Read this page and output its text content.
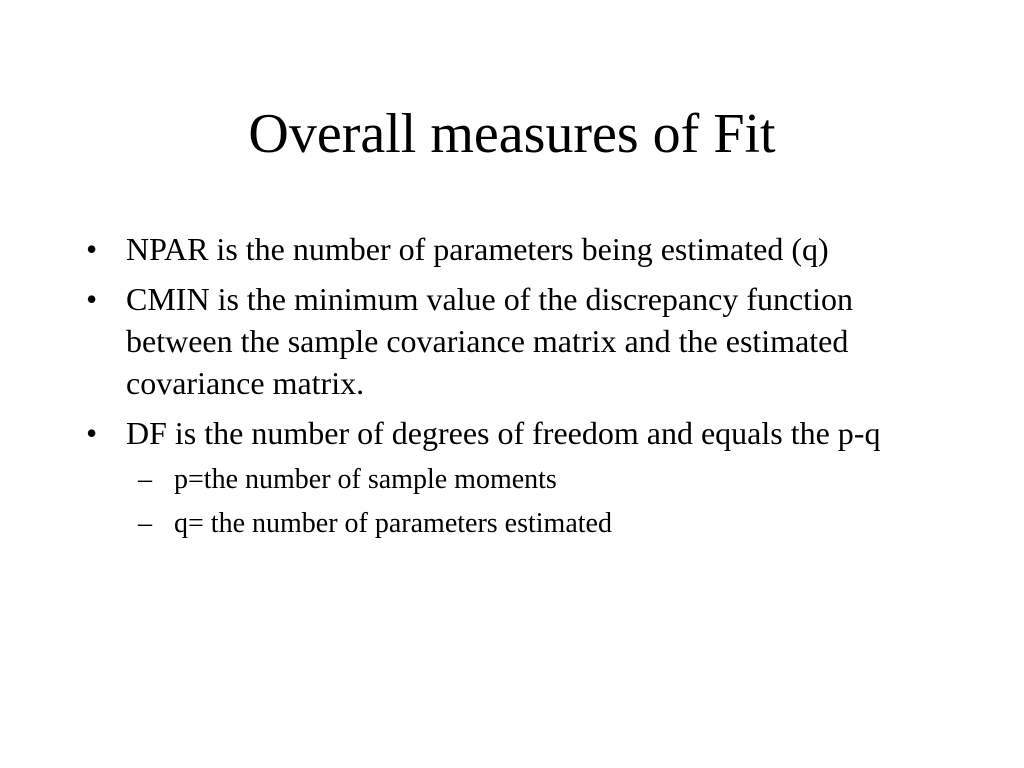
Overall measures of Fit
• NPAR is the number of parameters being estimated (q)
• CMIN is the minimum value of the discrepancy function between the sample covariance matrix and the estimated covariance matrix.
• DF is the number of degrees of freedom and equals the p-q
– p=the number of sample moments
– q= the number of parameters estimated
